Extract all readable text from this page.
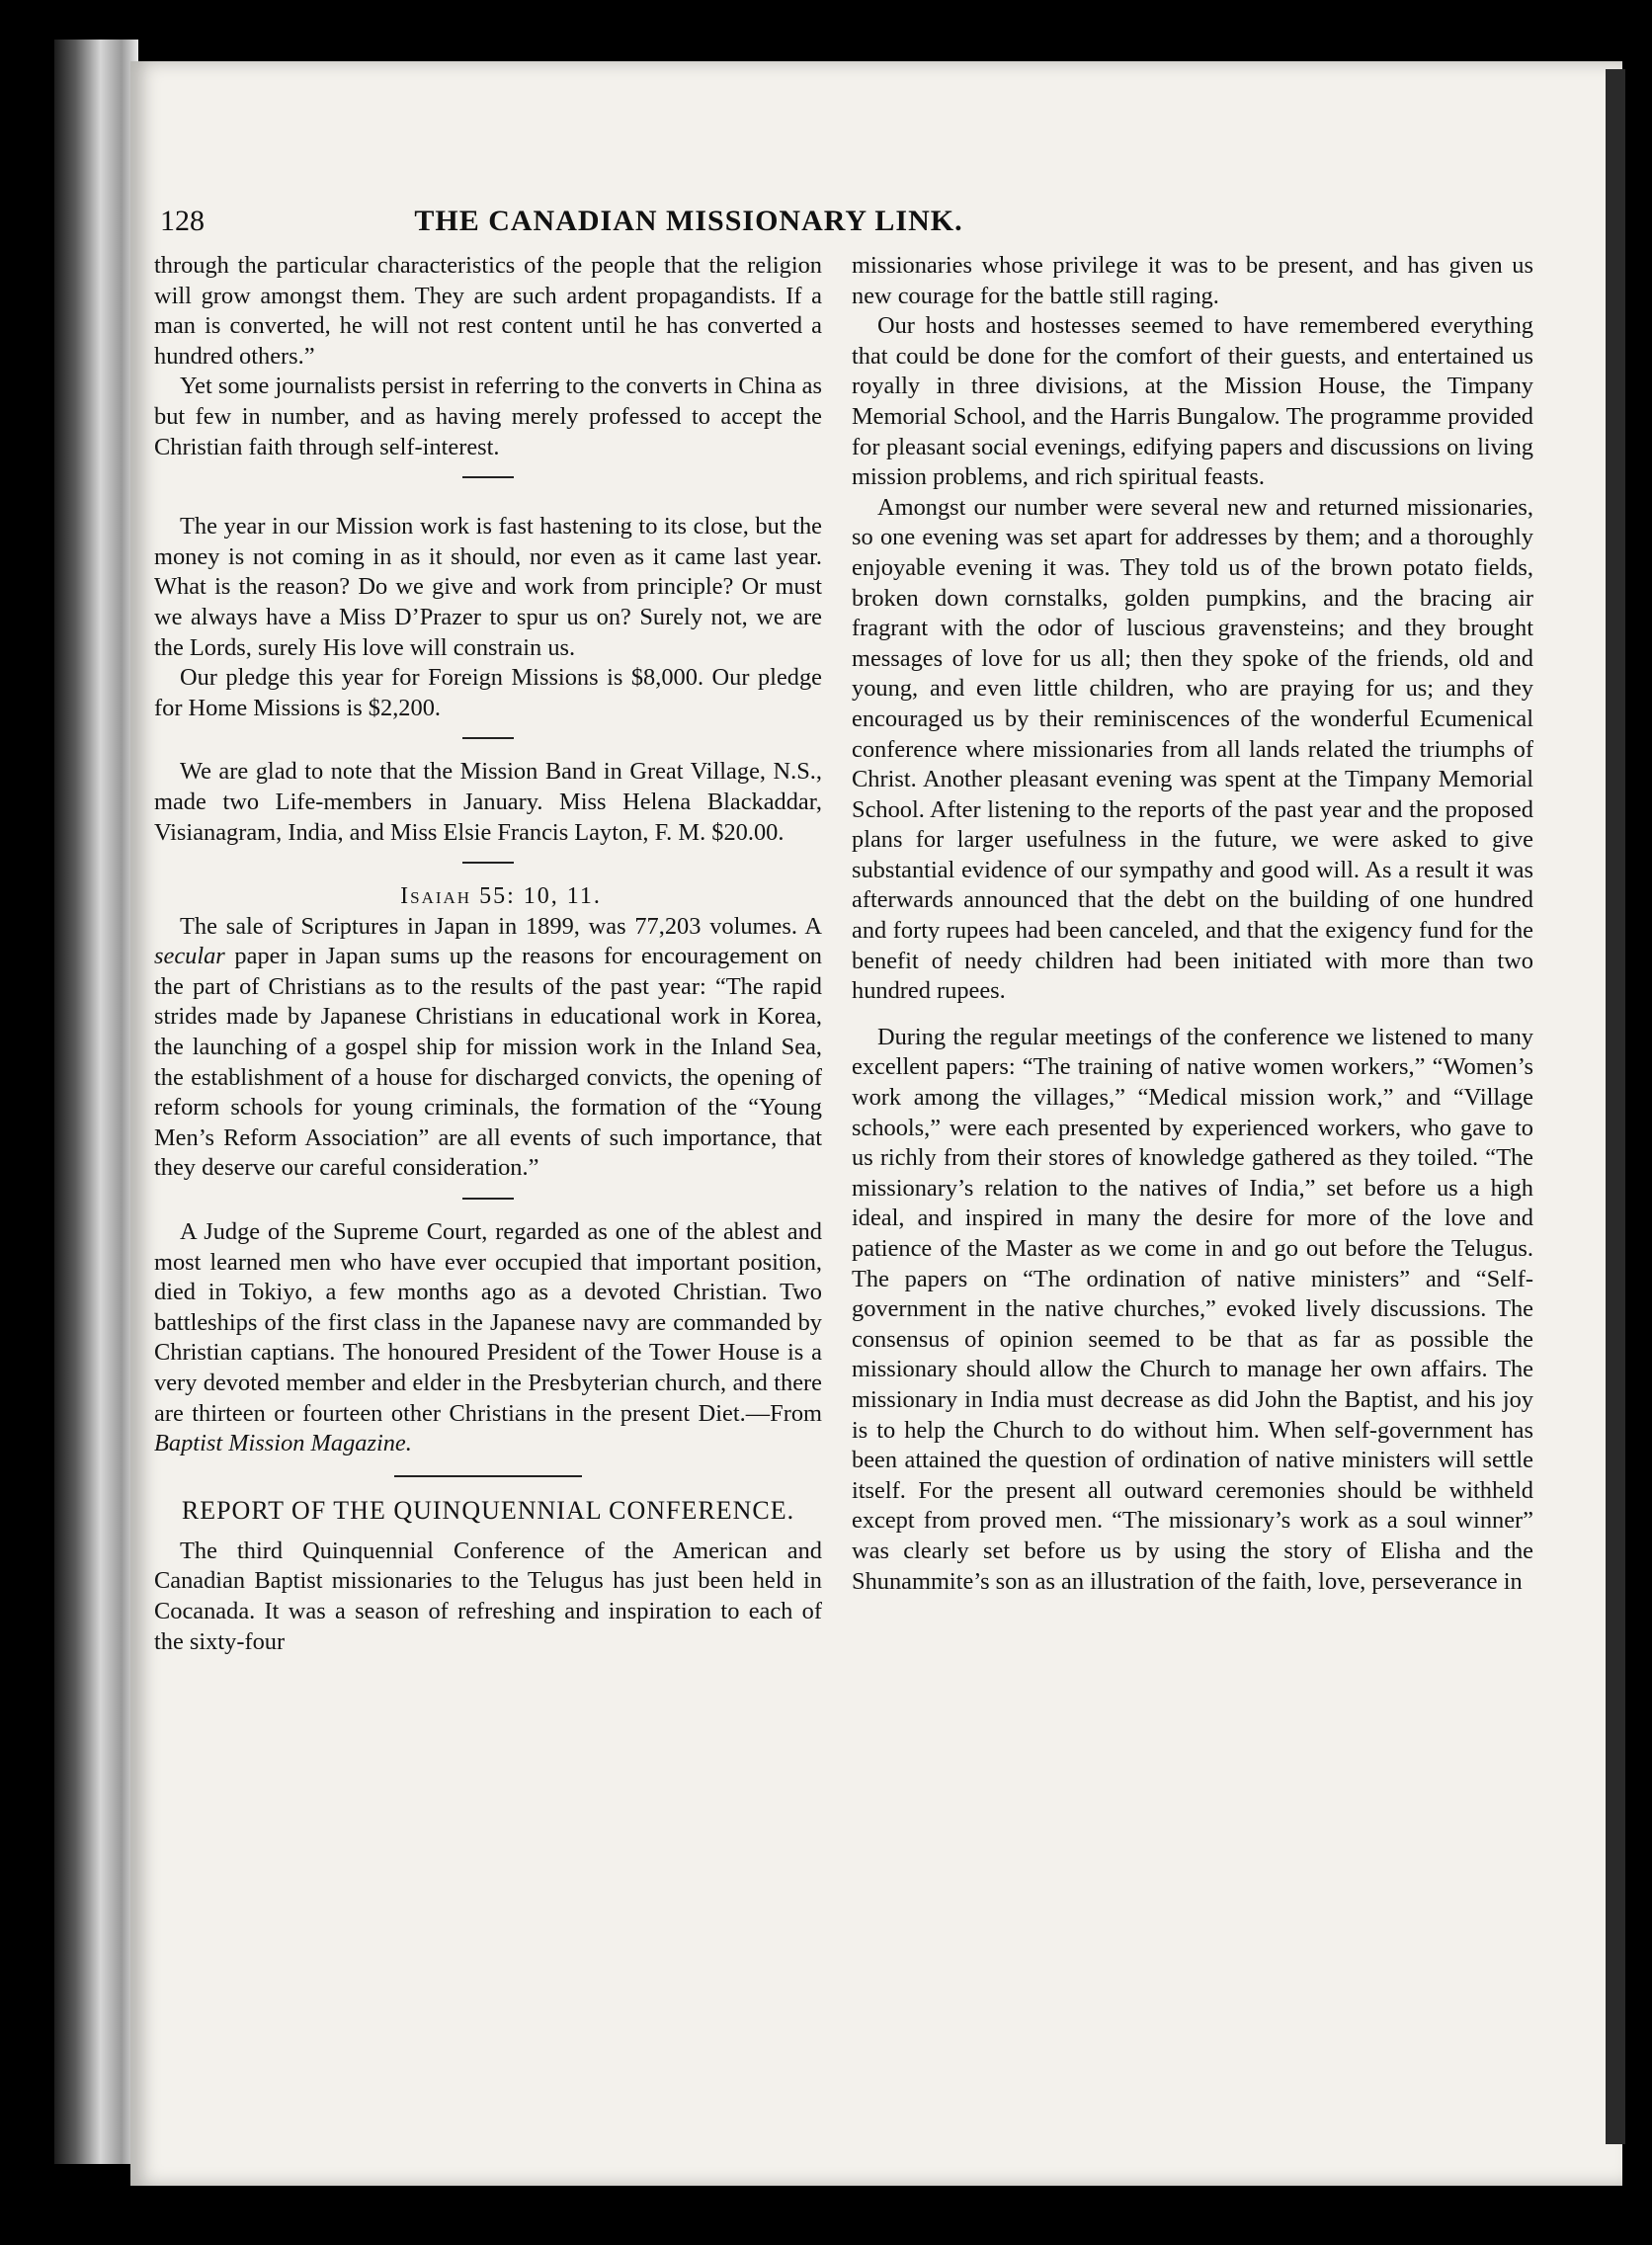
128	THE CANADIAN MISSIONARY LINK.

through the particular characteristics of the people that the religion will grow amongst them. They are such ardent propagandists. If a man is converted, he will not rest content until he has converted a hundred others.”

Yet some journalists persist in referring to the converts in China as but few in number, and as having merely professed to accept the Christian faith through self-interest.

The year in our Mission work is fast hastening to its close, but the money is not coming in as it should, nor even as it came last year. What is the reason? Do we give and work from principle? Or must we always have a Miss D’Prazer to spur us on? Surely not, we are the Lords, surely His love will constrain us.

Our pledge this year for Foreign Missions is $8,000. Our pledge for Home Missions is $2,200.

We are glad to note that the Mission Band in Great Village, N.S., made two Life-members in January. Miss Helena Blackaddar, Visianagram, India, and Miss Elsie Francis Layton, F. M. $20.00.

Isaiah 55: 10, 11.

The sale of Scriptures in Japan in 1899, was 77,203 volumes. A secular paper in Japan sums up the reasons for encouragement on the part of Christians as to the results of the past year: “The rapid strides made by Japanese Christians in educational work in Korea, the launching of a gospel ship for mission work in the Inland Sea, the establishment of a house for discharged convicts, the opening of reform schools for young criminals, the formation of the “Young Men’s Reform Association” are all events of such importance, that they deserve our careful consideration.”

A Judge of the Supreme Court, regarded as one of the ablest and most learned men who have ever occupied that important position, died in Tokiyo, a few months ago as a devoted Christian. Two battleships of the first class in the Japanese navy are commanded by Christian captians. The honoured President of the Tower House is a very devoted member and elder in the Presbyterian church, and there are thirteen or fourteen other Christians in the present Diet.—From Baptist Mission Magazine.

REPORT OF THE QUINQUENNIAL CONFERENCE.

The third Quinquennial Conference of the American and Canadian Baptist missionaries to the Telugus has just been held in Cocanada. It was a season of refreshing and inspiration to each of the sixty-four

missionaries whose privilege it was to be present, and has given us new courage for the battle still raging.

Our hosts and hostesses seemed to have remembered everything that could be done for the comfort of their guests, and entertained us royally in three divisions, at the Mission House, the Timpany Memorial School, and the Harris Bungalow. The programme provided for pleasant social evenings, edifying papers and discussions on living mission problems, and rich spiritual feasts.

Amongst our number were several new and returned missionaries, so one evening was set apart for addresses by them; and a thoroughly enjoyable evening it was. They told us of the brown potato fields, broken down cornstalks, golden pumpkins, and the bracing air fragrant with the odor of luscious gravensteins; and they brought messages of love for us all; then they spoke of the friends, old and young, and even little children, who are praying for us; and they encouraged us by their reminiscences of the wonderful Ecumenical conference where missionaries from all lands related the triumphs of Christ. Another pleasant evening was spent at the Timpany Memorial School. After listening to the reports of the past year and the proposed plans for larger usefulness in the future, we were asked to give substantial evidence of our sympathy and good will. As a result it was afterwards announced that the debt on the building of one hundred and forty rupees had been canceled, and that the exigency fund for the benefit of needy children had been initiated with more than two hundred rupees.

During the regular meetings of the conference we listened to many excellent papers: “The training of native women workers,” “Women’s work among the villages,” “Medical mission work,” and “Village schools,” were each presented by experienced workers, who gave to us richly from their stores of knowledge gathered as they toiled. “The missionary’s relation to the natives of India,” set before us a high ideal, and inspired in many the desire for more of the love and patience of the Master as we come in and go out before the Telugus. The papers on “The ordination of native ministers” and “Self-government in the native churches,” evoked lively discussions. The consensus of opinion seemed to be that as far as possible the missionary should allow the Church to manage her own affairs. The missionary in India must decrease as did John the Baptist, and his joy is to help the Church to do without him. When self-government has been attained the question of ordination of native ministers will settle itself. For the present all outward ceremonies should be withheld except from proved men. “The missionary’s work as a soul winner” was clearly set before us by using the story of Elisha and the Shunammite’s son as an illustration of the faith, love, perseverance in
